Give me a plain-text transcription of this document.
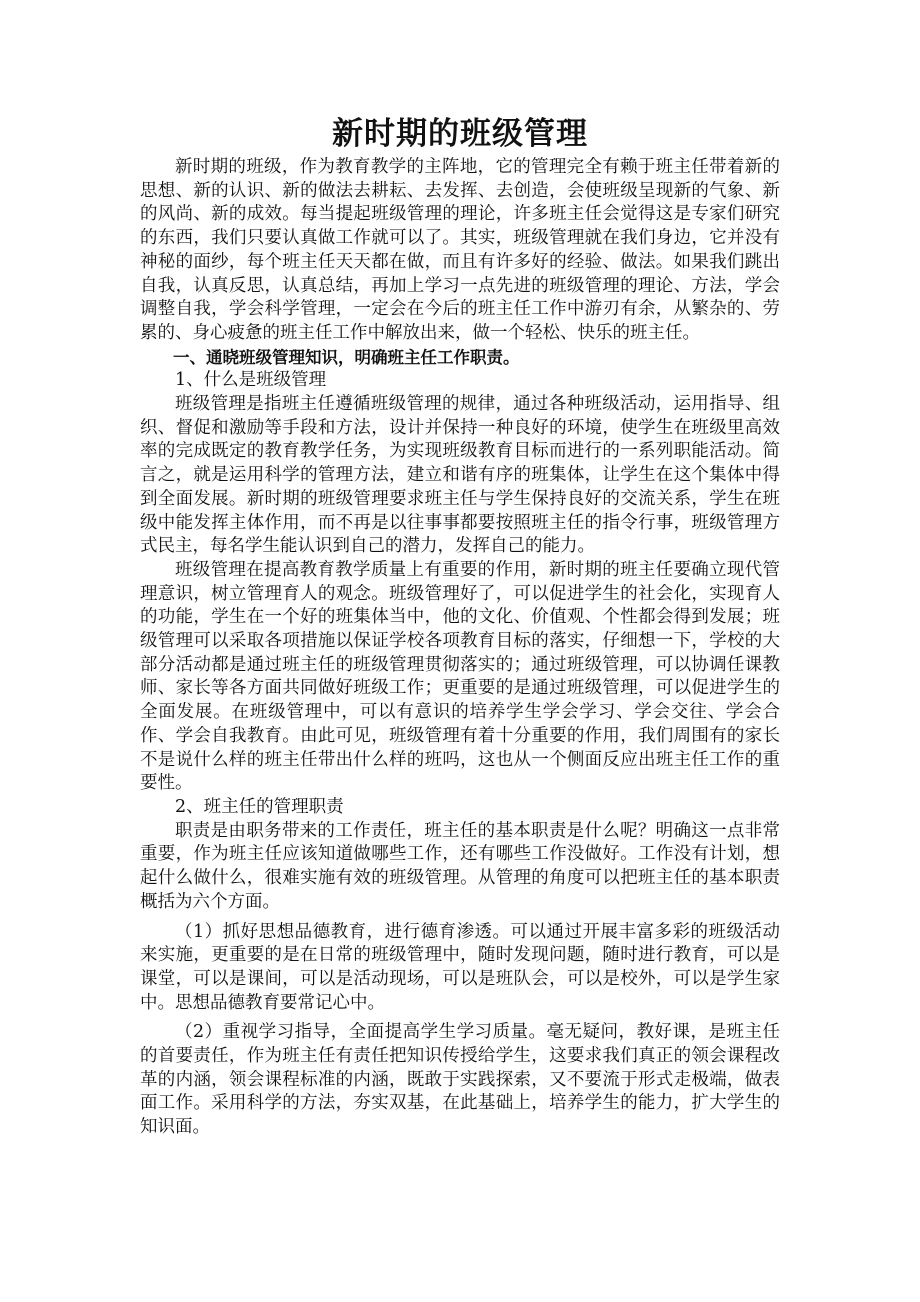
新时期的班级管理

新时期的班级，作为教育教学的主阵地，它的管理完全有赖于班主任带着新的思想、新的认识、新的做法去耕耘、去发挥、去创造，会使班级呈现新的气象、新的风尚、新的成效。每当提起班级管理的理论，许多班主任会觉得这是专家们研究的东西，我们只要认真做工作就可以了。其实，班级管理就在我们身边，它并没有神秘的面纱，每个班主任天天都在做，而且有许多好的经验、做法。如果我们跳出自我，认真反思，认真总结，再加上学习一点先进的班级管理的理论、方法，学会调整自我，学会科学管理，一定会在今后的班主任工作中游刃有余，从繁杂的、劳累的、身心疲惫的班主任工作中解放出来，做一个轻松、快乐的班主任。

一、通晓班级管理知识，明确班主任工作职责。

1、什么是班级管理

班级管理是指班主任遵循班级管理的规律，通过各种班级活动，运用指导、组织、督促和激励等手段和方法，设计并保持一种良好的环境，使学生在班级里高效率的完成既定的教育教学任务，为实现班级教育目标而进行的一系列职能活动。简言之，就是运用科学的管理方法，建立和谐有序的班集体，让学生在这个集体中得到全面发展。新时期的班级管理要求班主任与学生保持良好的交流关系，学生在班级中能发挥主体作用，而不再是以往事事都要按照班主任的指令行事，班级管理方式民主，每名学生能认识到自己的潜力，发挥自己的能力。

班级管理在提高教育教学质量上有重要的作用，新时期的班主任要确立现代管理意识，树立管理育人的观念。班级管理好了，可以促进学生的社会化，实现育人的功能，学生在一个好的班集体当中，他的文化、价值观、个性都会得到发展；班级管理可以采取各项措施以保证学校各项教育目标的落实，仔细想一下，学校的大部分活动都是通过班主任的班级管理贯彻落实的；通过班级管理，可以协调任课教师、家长等各方面共同做好班级工作；更重要的是通过班级管理，可以促进学生的全面发展。在班级管理中，可以有意识的培养学生学会学习、学会交往、学会合作、学会自我教育。由此可见，班级管理有着十分重要的作用，我们周围有的家长不是说什么样的班主任带出什么样的班吗，这也从一个侧面反应出班主任工作的重要性。

2、班主任的管理职责

职责是由职务带来的工作责任，班主任的基本职责是什么呢？明确这一点非常重要，作为班主任应该知道做哪些工作，还有哪些工作没做好。工作没有计划，想起什么做什么，很难实施有效的班级管理。从管理的角度可以把班主任的基本职责概括为六个方面。

（1）抓好思想品德教育，进行德育渗透。可以通过开展丰富多彩的班级活动来实施，更重要的是在日常的班级管理中，随时发现问题，随时进行教育，可以是课堂，可以是课间，可以是活动现场，可以是班队会，可以是校外，可以是学生家中。思想品德教育要常记心中。

（2）重视学习指导，全面提高学生学习质量。毫无疑问，教好课，是班主任的首要责任，作为班主任有责任把知识传授给学生，这要求我们真正的领会课程改革的内涵，领会课程标准的内涵，既敢于实践探索，又不要流于形式走极端，做表面工作。采用科学的方法，夯实双基，在此基础上，培养学生的能力，扩大学生的知识面。
